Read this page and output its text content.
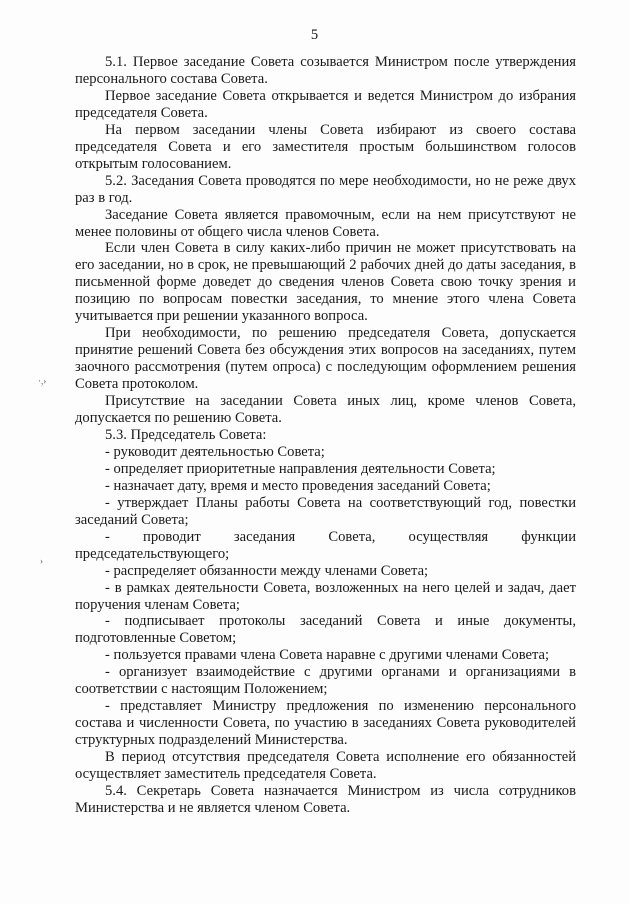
5
·,›
›

5.1. Первое заседание Совета созывается Министром после утверждения персонального состава Совета.

Первое заседание Совета открывается и ведется Министром до избрания председателя Совета.

На первом заседании члены Совета избирают из своего состава председателя Совета и его заместителя простым большинством голосов открытым голосованием.

5.2. Заседания Совета проводятся по мере необходимости, но не реже двух раз в год.

Заседание Совета является правомочным, если на нем присутствуют не менее половины от общего числа членов Совета.

Если член Совета в силу каких-либо причин не может присутствовать на его заседании, но в срок, не превышающий 2 рабочих дней до даты заседания, в письменной форме доведет до сведения членов Совета свою точку зрения и позицию по вопросам повестки заседания, то мнение этого члена Совета учитывается при решении указанного вопроса.

При необходимости, по решению председателя Совета, допускается принятие решений Совета без обсуждения этих вопросов на заседаниях, путем заочного рассмотрения (путем опроса) с последующим оформлением решения Совета протоколом.

Присутствие на заседании Совета иных лиц, кроме членов Совета, допускается по решению Совета.

5.3. Председатель Совета:

- руководит деятельностью Совета;

- определяет приоритетные направления деятельности Совета;

- назначает дату, время и место проведения заседаний Совета;

- утверждает Планы работы Совета на соответствующий год, повестки заседаний Совета;

- проводит заседания Совета, осуществляя функции председательствующего;

- распределяет обязанности между членами Совета;

- в рамках деятельности Совета, возложенных на него целей и задач, дает поручения членам Совета;

- подписывает протоколы заседаний Совета и иные документы, подготовленные Советом;

- пользуется правами члена Совета наравне с другими членами Совета;

- организует взаимодействие с другими органами и организациями в соответствии с настоящим Положением;

- представляет Министру предложения по изменению персонального состава и численности Совета, по участию в заседаниях Совета руководителей структурных подразделений Министерства.

В период отсутствия председателя Совета исполнение его обязанностей осуществляет заместитель председателя Совета.

5.4. Секретарь Совета назначается Министром из числа сотрудников Министерства и не является членом Совета.
